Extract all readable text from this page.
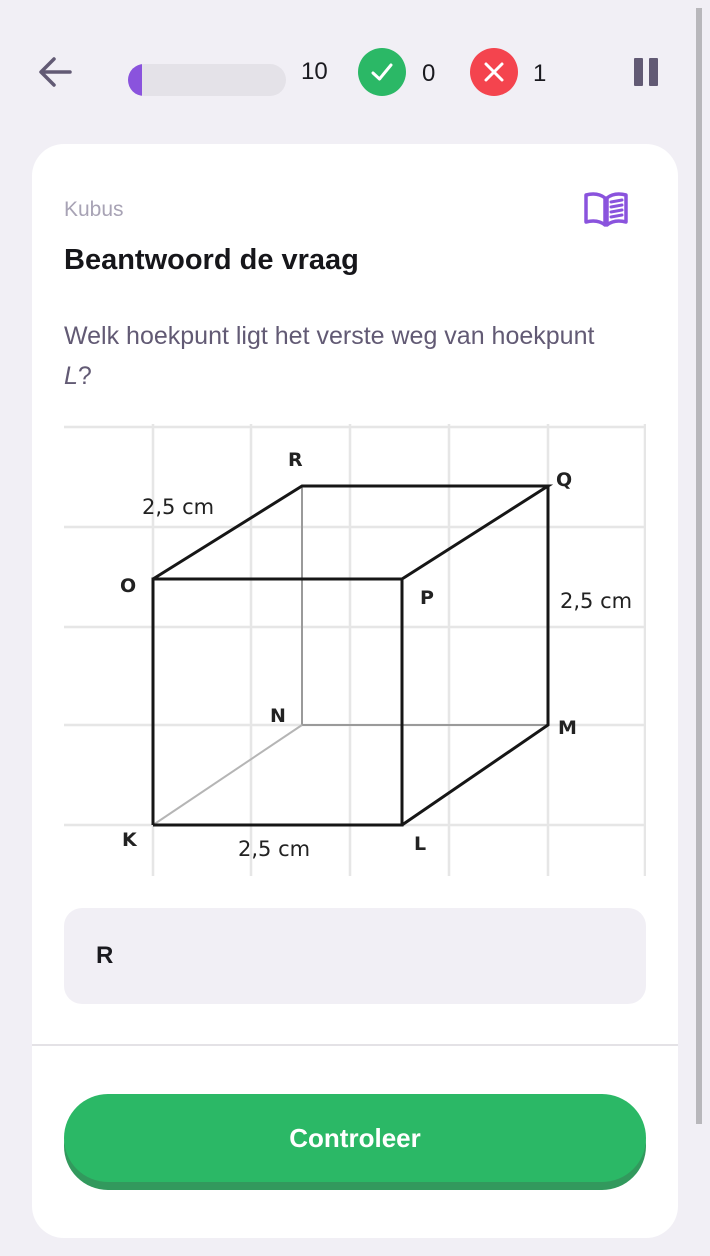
10	0	1
Kubus
Beantwoord de vraag

Welk hoekpunt ligt het verste weg van hoekpunt L?

R
Q
O
P
N
M
K	L
2,5 cm
2,5 cm
2,5 cm
R
Controleer
